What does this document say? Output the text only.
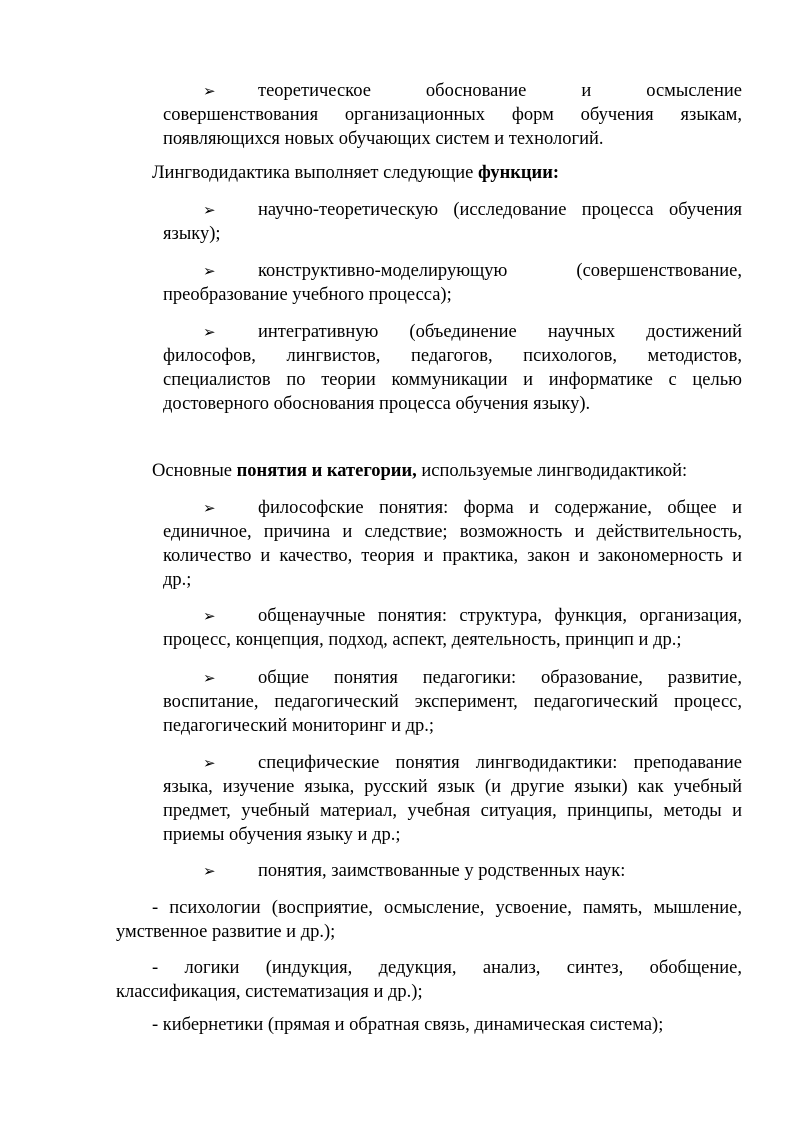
➢ теоретическое обоснование и осмысление
совершенствования организационных форм обучения языкам,
появляющихся новых обучающих систем и технологий.
Лингводидактика выполняет следующие функции:
➢ научно-теоретическую (исследование процесса обучения
языку);
➢ конструктивно-моделирующую (совершенствование,
преобразование учебного процесса);
➢ интегративную (объединение научных достижений
философов, лингвистов, педагогов, психологов, методистов,
специалистов по теории коммуникации и информатике с целью
достоверного обоснования процесса обучения языку).
Основные понятия и категории, используемые лингводидактикой:
➢ философские понятия: форма и содержание, общее и
единичное, причина и следствие; возможность и действительность,
количество и качество, теория и практика, закон и закономерность и
др.;
➢ общенаучные понятия: структура, функция, организация,
процесс, концепция, подход, аспект, деятельность, принцип и др.;
➢ общие понятия педагогики: образование, развитие,
воспитание, педагогический эксперимент, педагогический процесс,
педагогический мониторинг и др.;
➢ специфические понятия лингводидактики: преподавание
языка, изучение языка, русский язык (и другие языки) как учебный
предмет, учебный материал, учебная ситуация, принципы, методы и
приемы обучения языку и др.;
➢ понятия, заимствованные у родственных наук:
- психологии (восприятие, осмысление, усвоение, память, мышление,
умственное развитие и др.);
- логики (индукция, дедукция, анализ, синтез, обобщение,
классификация, систематизация и др.);
- кибернетики (прямая и обратная связь, динамическая система);
